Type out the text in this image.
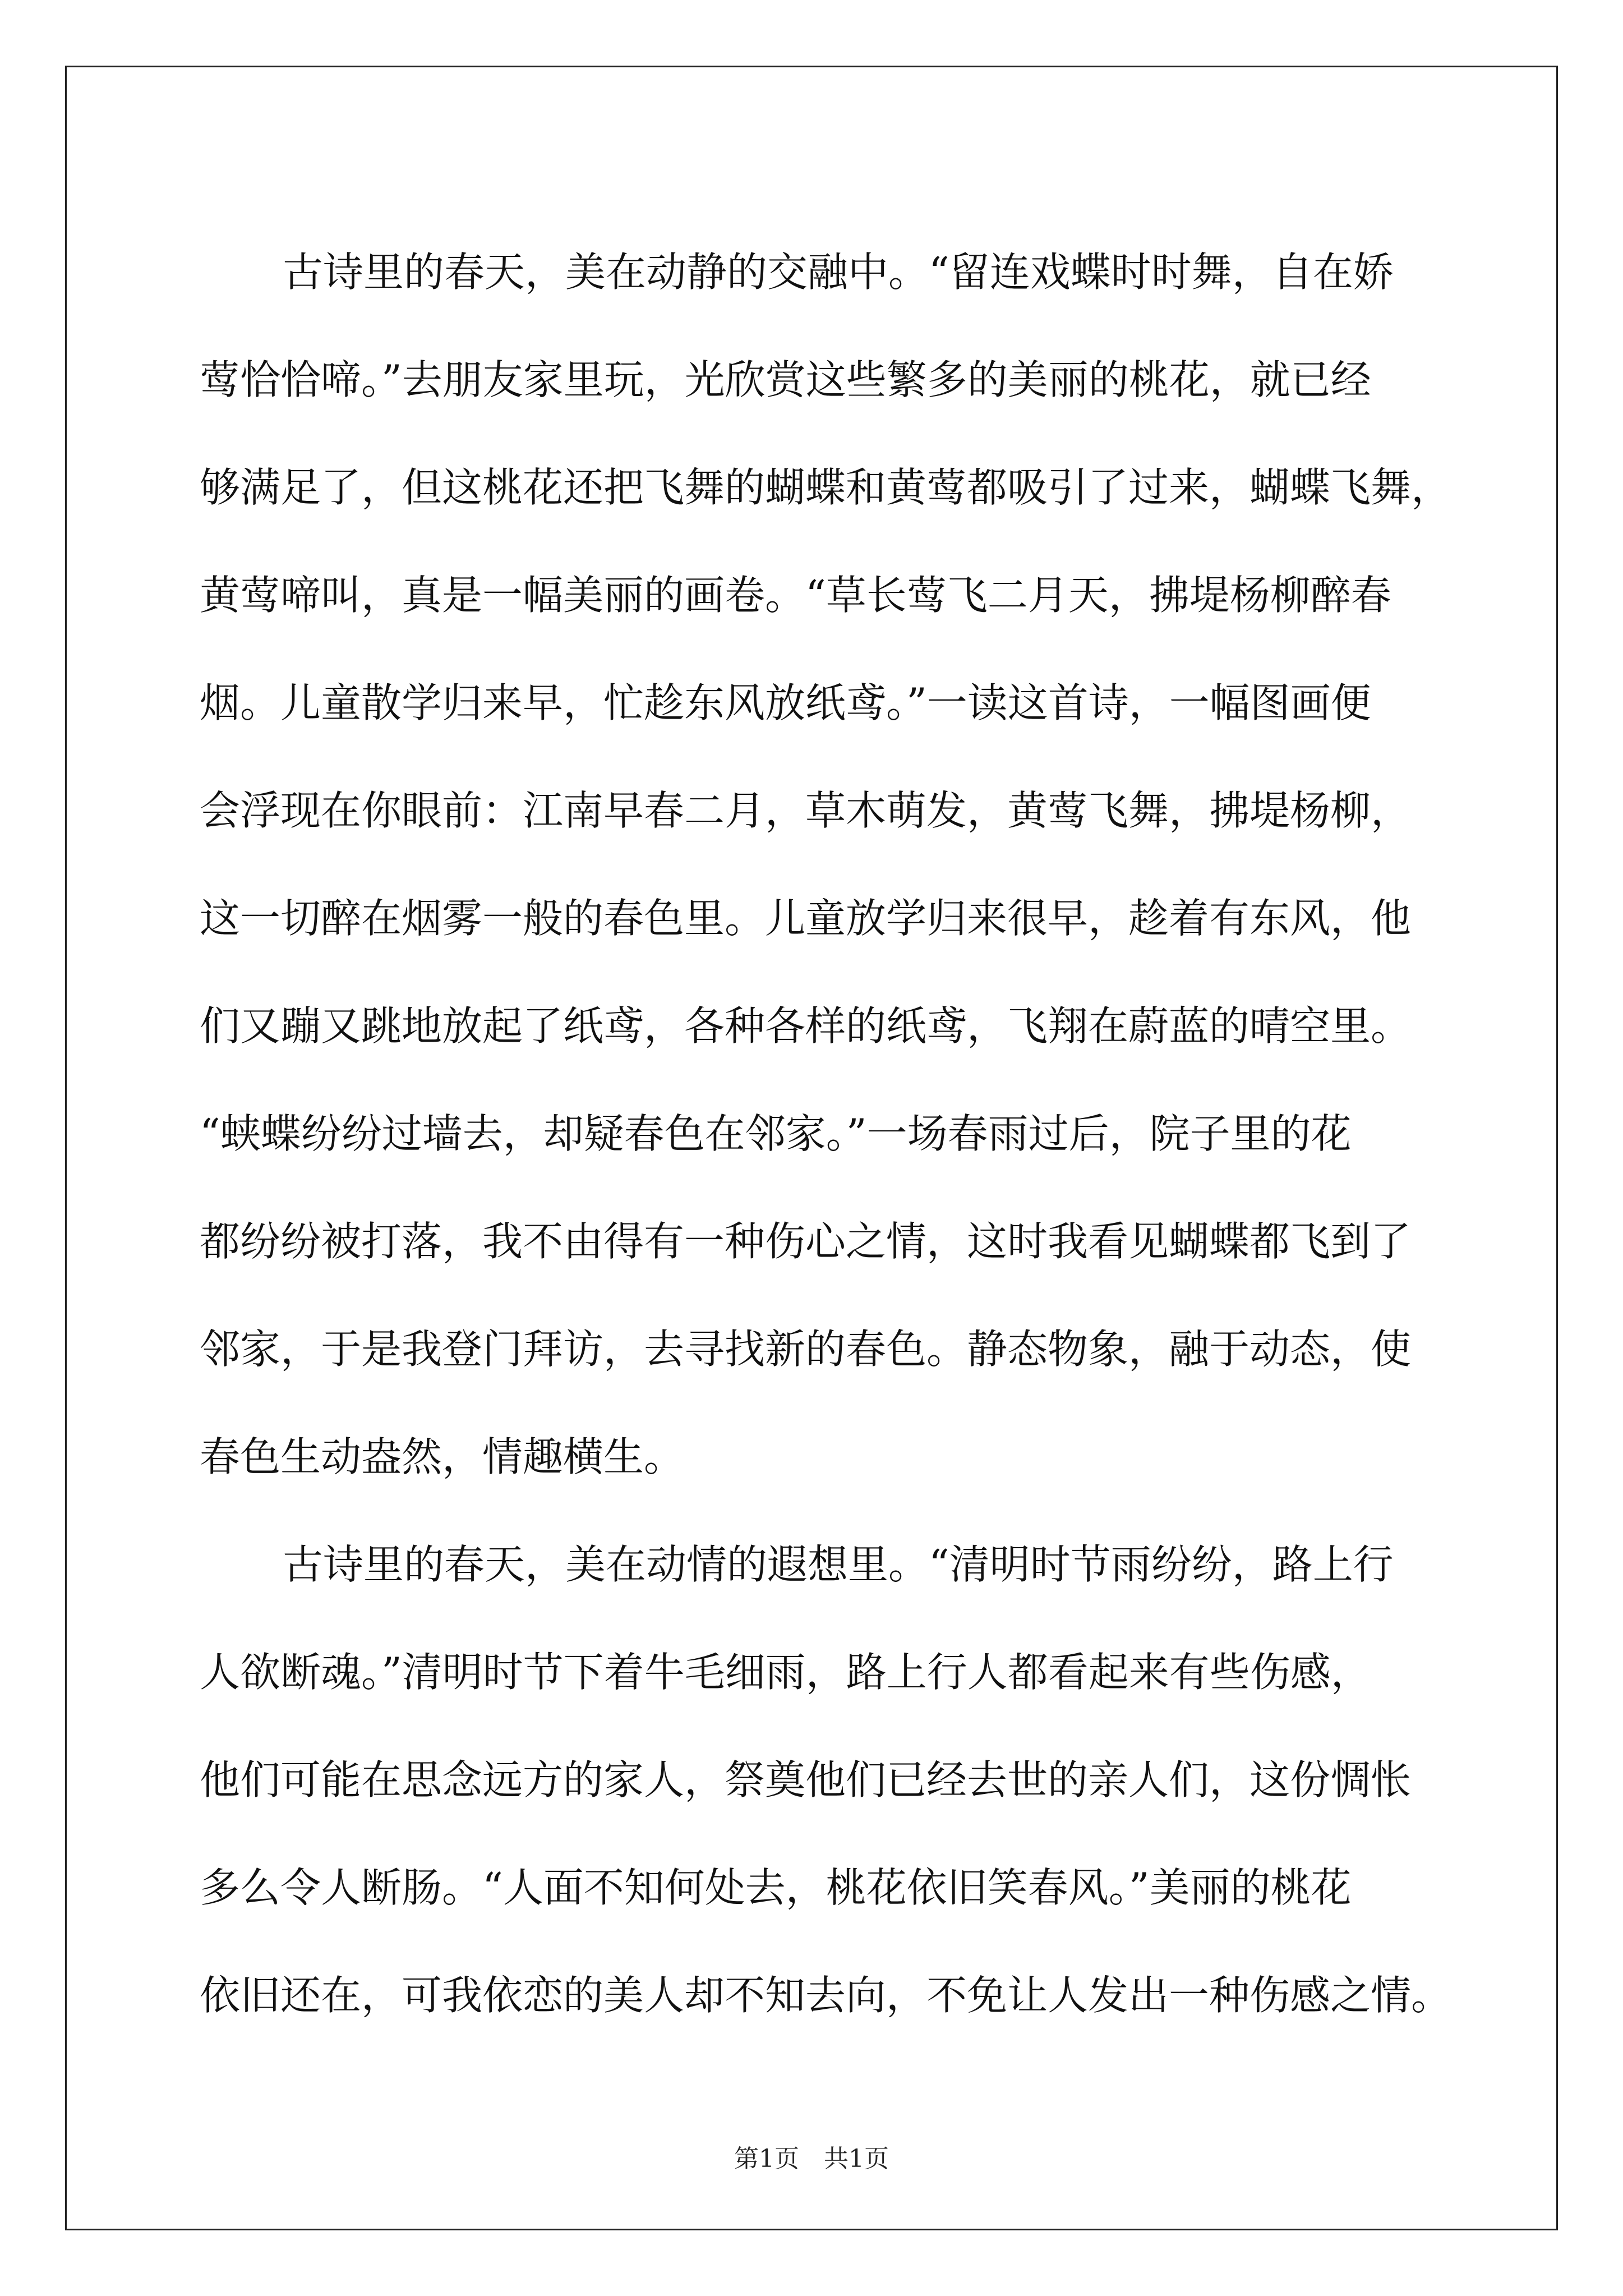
古诗里的春天，美在动静的交融中。“留连戏蝶时时舞，自在娇
莺恰恰啼。”去朋友家里玩，光欣赏这些繁多的美丽的桃花，就已经
够满足了，但这桃花还把飞舞的蝴蝶和黄莺都吸引了过来，蝴蝶飞舞，
黄莺啼叫，真是一幅美丽的画卷。“草长莺飞二月天，拂堤杨柳醉春
烟。儿童散学归来早，忙趁东风放纸鸢。”一读这首诗，一幅图画便
会浮现在你眼前：江南早春二月，草木萌发，黄莺飞舞，拂堤杨柳，
这一切醉在烟雾一般的春色里。儿童放学归来很早，趁着有东风，他
们又蹦又跳地放起了纸鸢，各种各样的纸鸢，飞翔在蔚蓝的晴空里。
“蛱蝶纷纷过墙去，却疑春色在邻家。”一场春雨过后，院子里的花
都纷纷被打落，我不由得有一种伤心之情，这时我看见蝴蝶都飞到了
邻家，于是我登门拜访，去寻找新的春色。静态物象，融于动态，使
春色生动盎然，情趣横生。
古诗里的春天，美在动情的遐想里。“清明时节雨纷纷，路上行
人欲断魂。”清明时节下着牛毛细雨，路上行人都看起来有些伤感，
他们可能在思念远方的家人，祭奠他们已经去世的亲人们，这份惆怅
多么令人断肠。“人面不知何处去，桃花依旧笑春风。”美丽的桃花
依旧还在，可我依恋的美人却不知去向，不免让人发出一种伤感之情。
第1页　共1页
